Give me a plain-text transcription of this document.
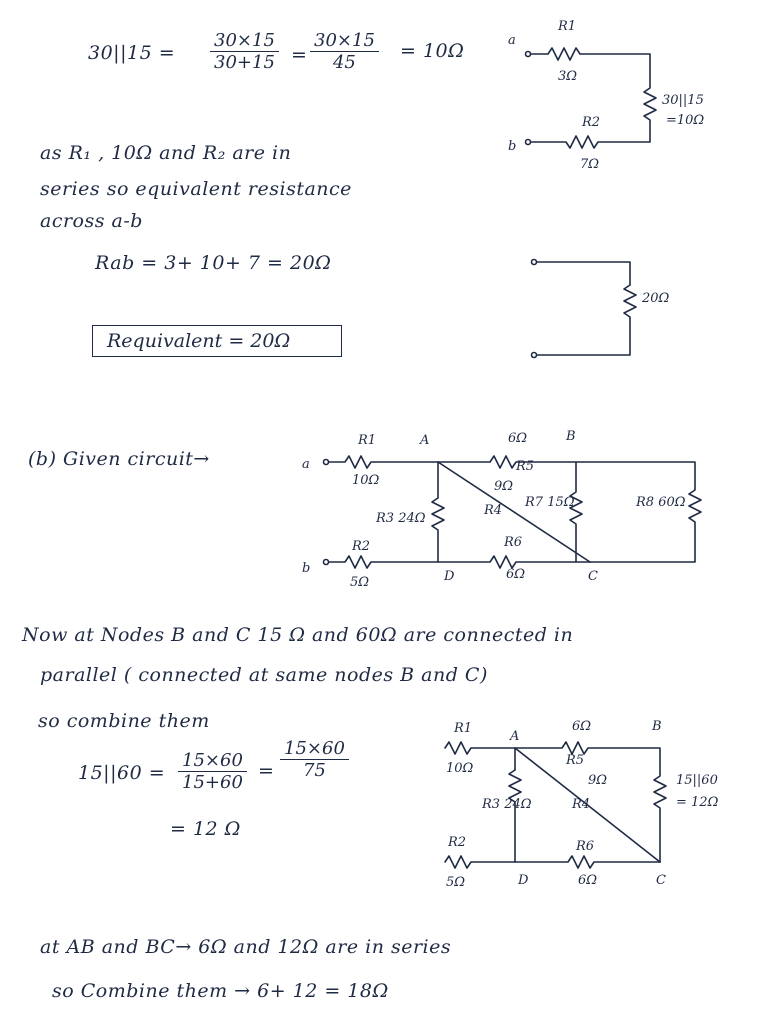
$30||15 = \frac{30\times 15}{30+15} = \frac{30\times 15}{45} = 10\Omega$
as R₁ , 10Ω and R₂ are in
series so equivalent resistance
across a-b
Rab = 3+ 10+ 7 = 20Ω
Requivalent = 20Ω
(b) Given circuit→
Now at Nodes B and C 15 Ω and 60Ω are connected in
parallel ( connected at same nodes B and C)
so combine them
$15||60 = \frac{15\times 60}{15+60} = \frac{15\times 60}{75}$
= 12 Ω
at AB and BC→ 6Ω and 12Ω are in series
so Combine them → 6+ 12 = 18Ω
a
b
R1
3Ω
R2
7Ω
30||15
=10Ω
20Ω
a
b
A	B
C
D
R1
10Ω
R2
5Ω
R3 24Ω
6Ω
R5
9Ω
R4
R6
6Ω
R7 15Ω	R8 60Ω
A
B
C
D
R1
10Ω
R2
5Ω
R3 24Ω
6Ω
R5
9Ω
R4
R6
6Ω
15||60
= 12Ω
